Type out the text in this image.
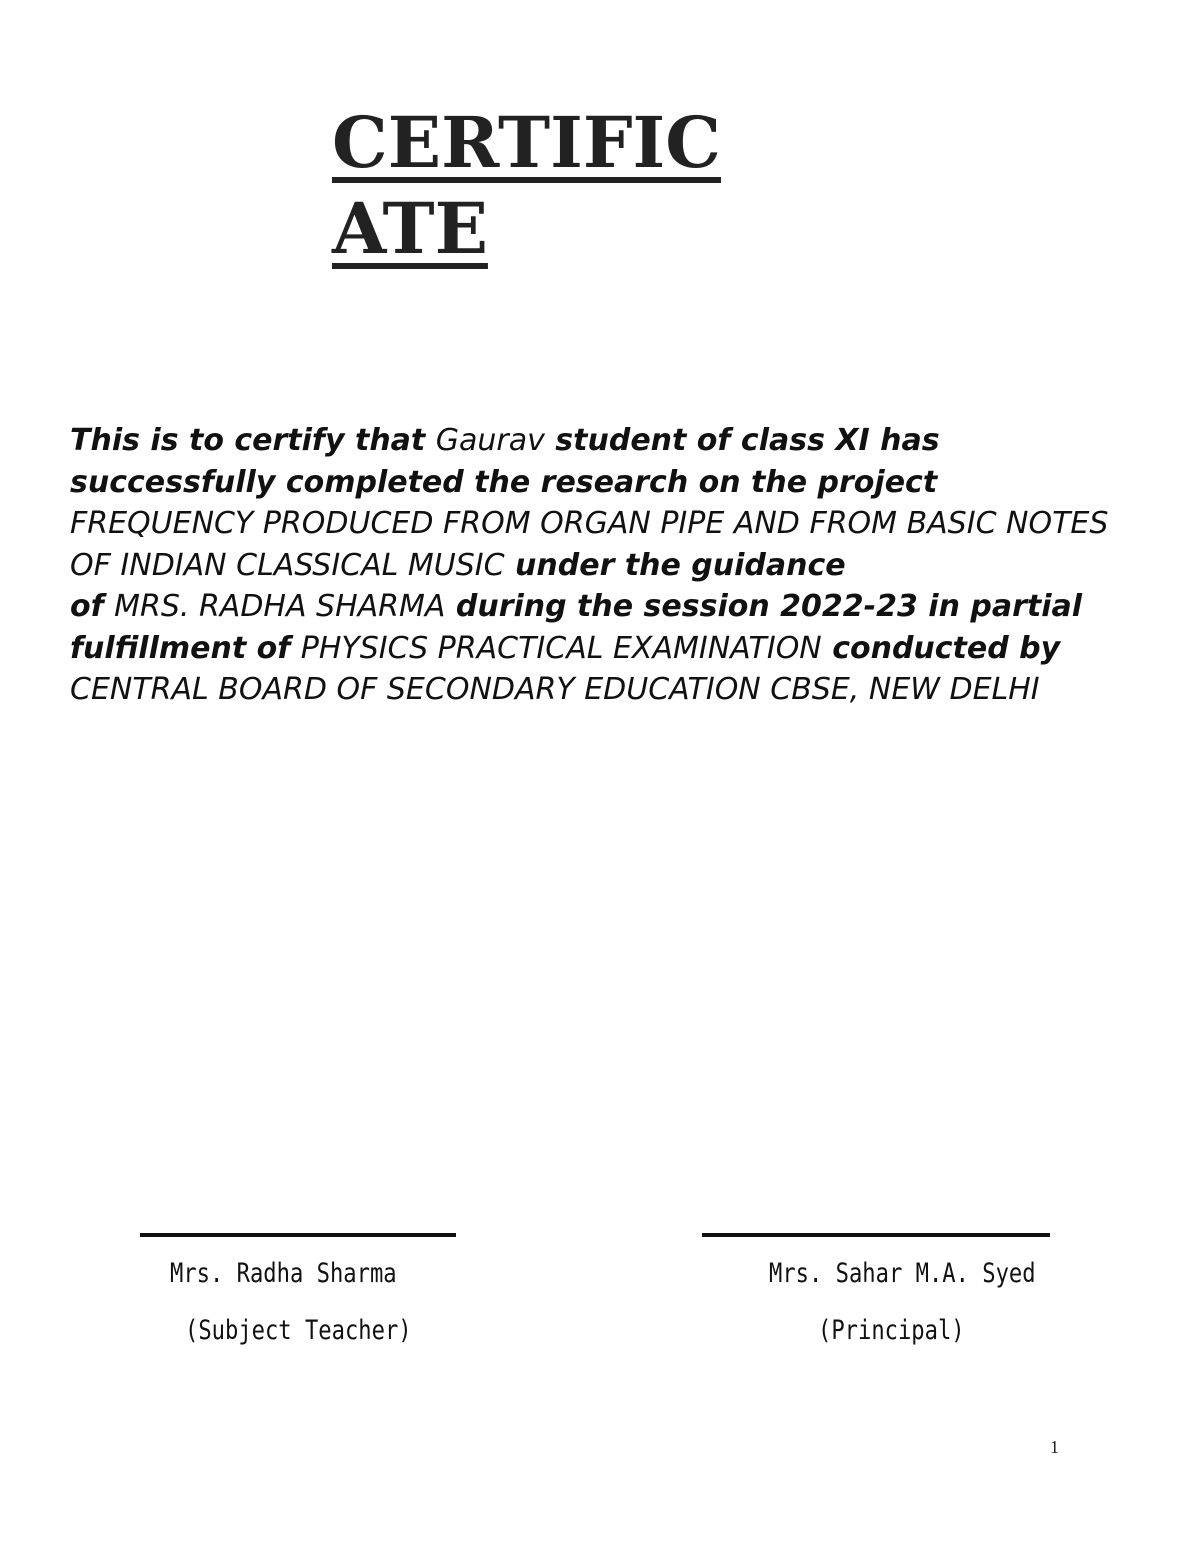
CERTIFICATE

This is to certify that Gaurav student of class XI has successfully completed the research on the project FREQUENCY PRODUCED FROM ORGAN PIPE AND FROM BASIC NOTES OF INDIAN CLASSICAL MUSIC under the guidance
of MRS. RADHA SHARMA during the session 2022-23 in partial
fulfillment of PHYSICS PRACTICAL EXAMINATION conducted by CENTRAL BOARD OF SECONDARY EDUCATION CBSE, NEW DELHI

Mrs. Radha Sharma

(Subject Teacher)

Mrs. Sahar M.A. Syed

(Principal)

1
